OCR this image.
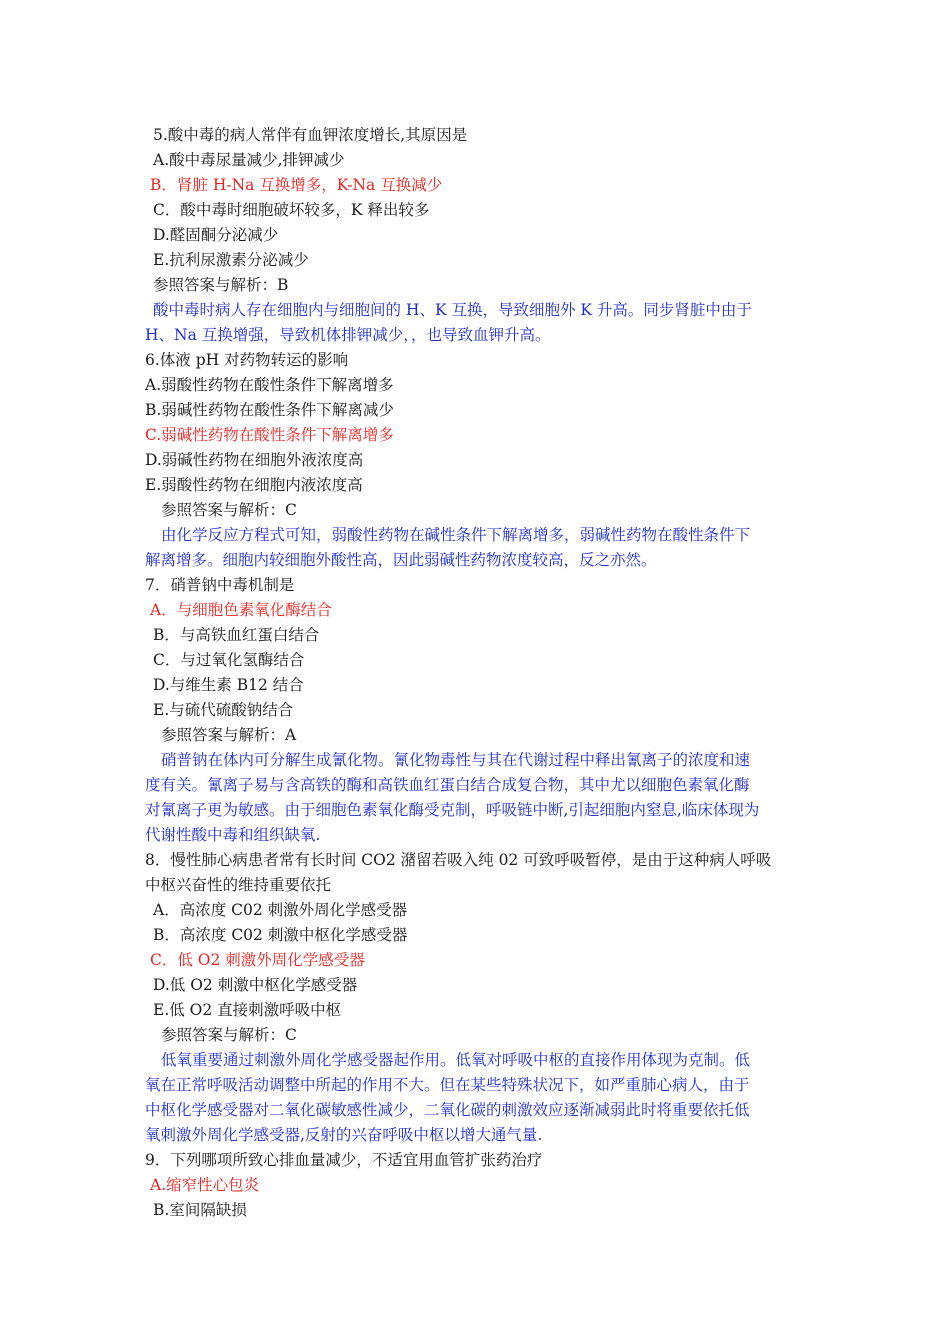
5.酸中毒的病人常伴有血钾浓度增长,其原因是
A.酸中毒尿量减少,排钾减少
B．肾脏 H-Na 互换增多，K-Na 互换减少
C．酸中毒时细胞破坏较多，K 释出较多
D.醛固酮分泌减少
E.抗利尿激素分泌减少
参照答案与解析：B
酸中毒时病人存在细胞内与细胞间的 H、K 互换，导致细胞外 K 升高。同步肾脏中由于
H、Na 互换增强，导致机体排钾减少，，也导致血钾升高。
6.体液 pH 对药物转运的影响
A.弱酸性药物在酸性条件下解离增多
B.弱碱性药物在酸性条件下解离减少
C.弱碱性药物在酸性条件下解离增多
D.弱碱性药物在细胞外液浓度高
E.弱酸性药物在细胞内液浓度高
参照答案与解析：C
由化学反应方程式可知，弱酸性药物在碱性条件下解离增多，弱碱性药物在酸性条件下
解离增多。细胞内较细胞外酸性高，因此弱碱性药物浓度较高，反之亦然。
7．硝普钠中毒机制是
A．与细胞色素氧化酶结合
B．与高铁血红蛋白结合
C．与过氧化氢酶结合
D.与维生素 B12 结合
E.与硫代硫酸钠结合
参照答案与解析：A
硝普钠在体内可分解生成氰化物。氰化物毒性与其在代谢过程中释出氰离子的浓度和速
度有关。氰离子易与含高铁的酶和高铁血红蛋白结合成复合物，其中尤以细胞色素氧化酶
对氰离子更为敏感。由于细胞色素氧化酶受克制，呼吸链中断,引起细胞内窒息,临床体现为
代谢性酸中毒和组织缺氧.
8．慢性肺心病患者常有长时间 CO2 潴留若吸入纯 02 可致呼吸暂停，是由于这种病人呼吸
中枢兴奋性的维持重要依托
A．高浓度 C02 刺激外周化学感受器
B．高浓度 C02 刺激中枢化学感受器
C．低 O2 刺激外周化学感受器
D.低 O2 刺激中枢化学感受器
E.低 O2 直接刺激呼吸中枢
参照答案与解析：C
低氧重要通过刺激外周化学感受器起作用。低氧对呼吸中枢的直接作用体现为克制。低
氧在正常呼吸活动调整中所起的作用不大。但在某些特殊状况下，如严重肺心病人，由于
中枢化学感受器对二氧化碳敏感性减少，二氧化碳的刺激效应逐渐减弱此时将重要依托低
氧刺激外周化学感受器,反射的兴奋呼吸中枢以增大通气量.
9．下列哪项所致心排血量减少，不适宜用血管扩张药治疗
A.缩窄性心包炎
B.室间隔缺损
